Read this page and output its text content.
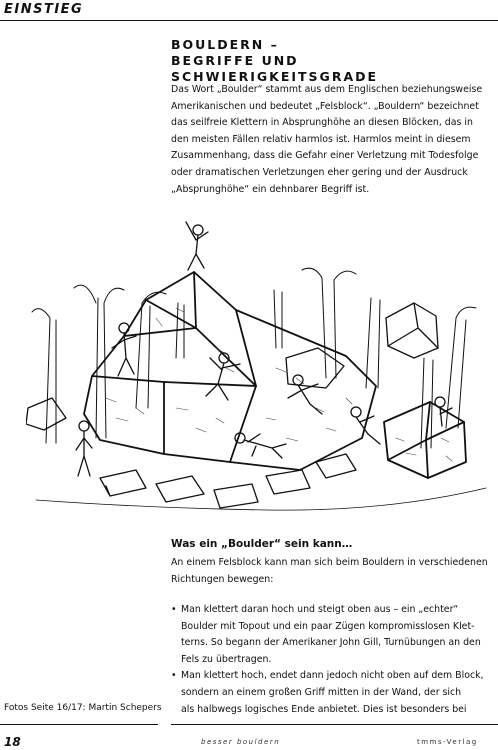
EINSTIEG
BOULDERN –
BEGRIFFE UND SCHWIERIGKEITSGRADE
Das Wort „Boulder“ stammt aus dem Englischen beziehungsweise
Amerikanischen und bedeutet „Felsblock“. „Bouldern“ bezeichnet
das seilfreie Klettern in Absprunghöhe an diesen Blöcken, das in
den meisten Fällen relativ harmlos ist. Harmlos meint in diesem
Zusammenhang, dass die Gefahr einer Verletzung mit Todesfolge
oder dramatischen Verletzungen eher gering und der Ausdruck
„Absprunghöhe“ ein dehnbarer Begriff ist.
Was ein „Boulder“ sein kann…
An einem Felsblock kann man sich beim Bouldern in verschiedenen
Richtungen bewegen:
• Man klettert daran hoch und steigt oben aus – ein „echter“
Boulder mit Topout und ein paar Zügen kompromisslosen Klet-
terns. So begann der Amerikaner John Gill, Turnübungen an den
Fels zu übertragen.
• Man klettert hoch, endet dann jedoch nicht oben auf dem Block,
sondern an einem großen Griff mitten in der Wand, der sich
als halbwegs logisches Ende anbietet. Dies ist besonders bei
Fotos Seite 16/17: Martin Schepers
18	besser bouldern	tmms-Verlag
